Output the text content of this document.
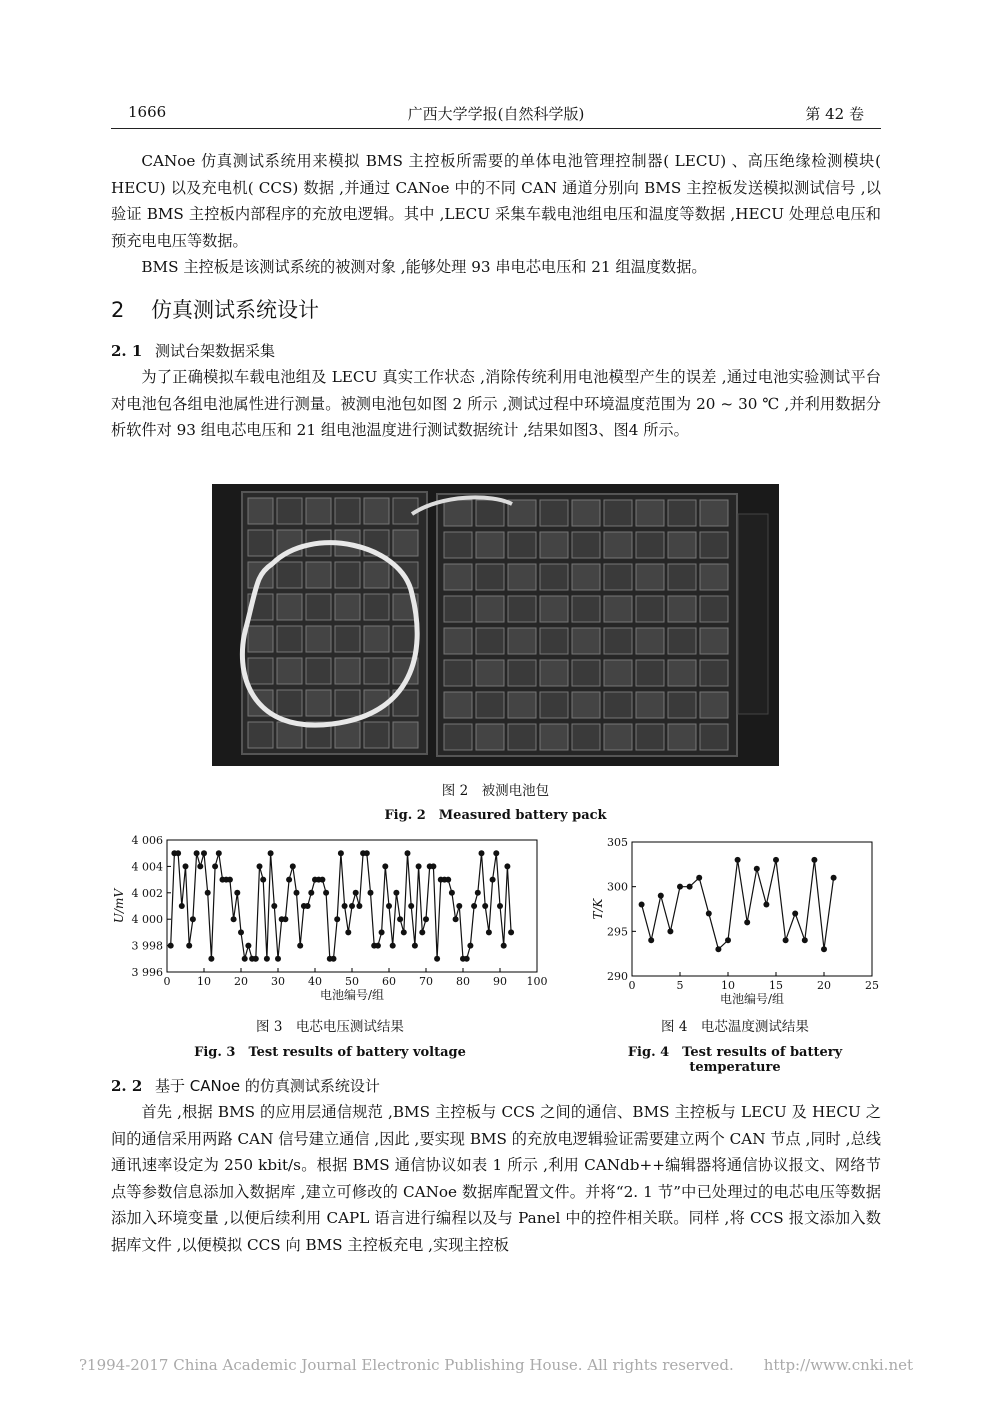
1666	广西大学学报(自然科学版)	第 42 卷
CANoe 仿真测试系统用来模拟 BMS 主控板所需要的单体电池管理控制器( LECU) 、高压绝缘检测模块( HECU) 以及充电机( CCS) 数据 ,并通过 CANoe 中的不同 CAN 通道分别向 BMS 主控板发送模拟测试信号 ,以验证 BMS 主控板内部程序的充放电逻辑。其中 ,LECU 采集车载电池组电压和温度等数据 ,HECU 处理总电压和预充电电压等数据。
BMS 主控板是该测试系统的被测对象 ,能够处理 93 串电芯电压和 21 组温度数据。
2 仿真测试系统设计
2. 1 测试台架数据采集
为了正确模拟车载电池组及 LECU 真实工作状态 ,消除传统利用电池模型产生的误差 ,通过电池实验测试平台对电池包各组电池属性进行测量。被测电池包如图 2 所示 ,测试过程中环境温度范围为 20 ~ 30 ℃ ,并利用数据分析软件对 93 组电芯电压和 21 组电池温度进行测试数据统计 ,结果如图3、图4 所示。
图 2　被测电池包
Fig. 2　Measured battery pack
0 10 20 30 40 50 60 70 80 90 100
3 996
3 998
4 000
4 002
4 004
4 006
电池编号/组
U/mV
图 3　电芯电压测试结果
Fig. 3　Test results of battery voltage
0	5	10	15	20	25
290
295
300
305
电池编号/组
T/K
图 4　电芯温度测试结果
Fig. 4　Test results of battery temperature
2. 2 基于 CANoe 的仿真测试系统设计
首先 ,根据 BMS 的应用层通信规范 ,BMS 主控板与 CCS 之间的通信、BMS 主控板与 LECU 及 HECU 之间的通信采用两路 CAN 信号建立通信 ,因此 ,要实现 BMS 的充放电逻辑验证需要建立两个 CAN 节点 ,同时 ,总线通讯速率设定为 250 kbit/s。根据 BMS 通信协议如表 1 所示 ,利用 CANdb++编辑器将通信协议报文、网络节点等参数信息添加入数据库 ,建立可修改的 CANoe 数据库配置文件。并将“2. 1 节”中已处理过的电芯电压等数据添加入环境变量 ,以便后续利用 CAPL 语言进行编程以及与 Panel 中的控件相关联。同样 ,将 CCS 报文添加入数据库文件 ,以便模拟 CCS 向 BMS 主控板充电 ,实现主控板
?1994-2017 China Academic Journal Electronic Publishing House. All rights reserved.　　http://www.cnki.net
